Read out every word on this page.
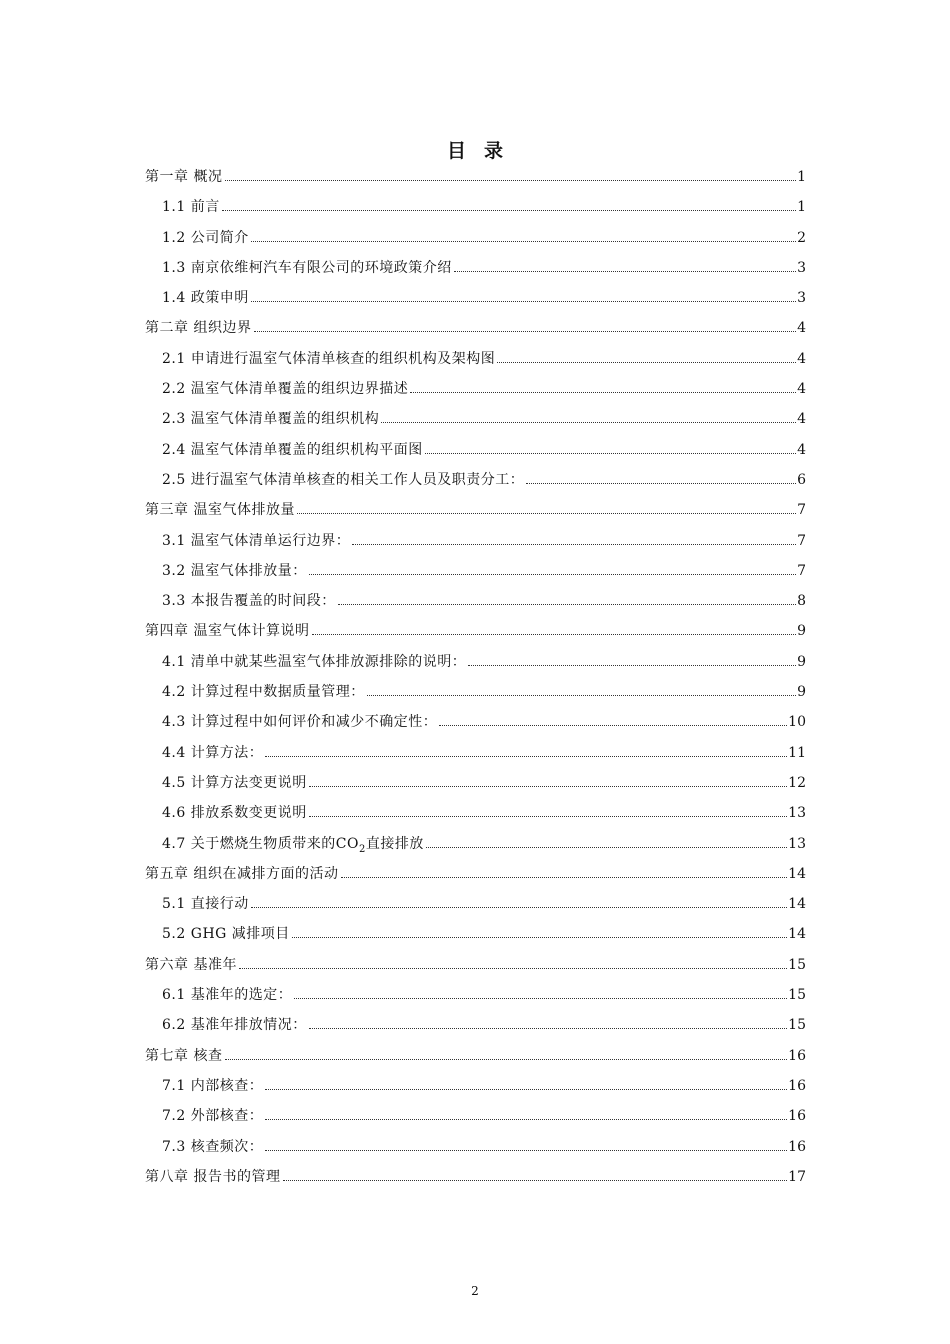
目录
第一章 概况	1
1.1 前言	1
1.2 公司简介	2
1.3 南京依维柯汽车有限公司的环境政策介绍	3
1.4 政策申明	3
第二章 组织边界	4
2.1 申请进行温室气体清单核查的组织机构及架构图	4
2.2 温室气体清单覆盖的组织边界描述	4
2.3 温室气体清单覆盖的组织机构	4
2.4 温室气体清单覆盖的组织机构平面图	4
2.5 进行温室气体清单核查的相关工作人员及职责分工：	6
第三章 温室气体排放量	7
3.1 温室气体清单运行边界：	7
3.2 温室气体排放量：	7
3.3 本报告覆盖的时间段：	8
第四章 温室气体计算说明	9
4.1 清单中就某些温室气体排放源排除的说明：	9
4.2 计算过程中数据质量管理：	9
4.3 计算过程中如何评价和减少不确定性：	10
4.4 计算方法：	11
4.5 计算方法变更说明	12
4.6 排放系数变更说明	13
4.7 关于燃烧生物质带来的$CO_2$直接排放	13
第五章 组织在减排方面的活动	14
5.1 直接行动	14
5.2 GHG 减排项目	14
第六章 基准年	15
6.1 基准年的选定：	15
6.2 基准年排放情况：	15
第七章 核查	16
7.1 内部核查：	16
7.2 外部核查：	16
7.3 核查频次：	16
第八章 报告书的管理	17
2
